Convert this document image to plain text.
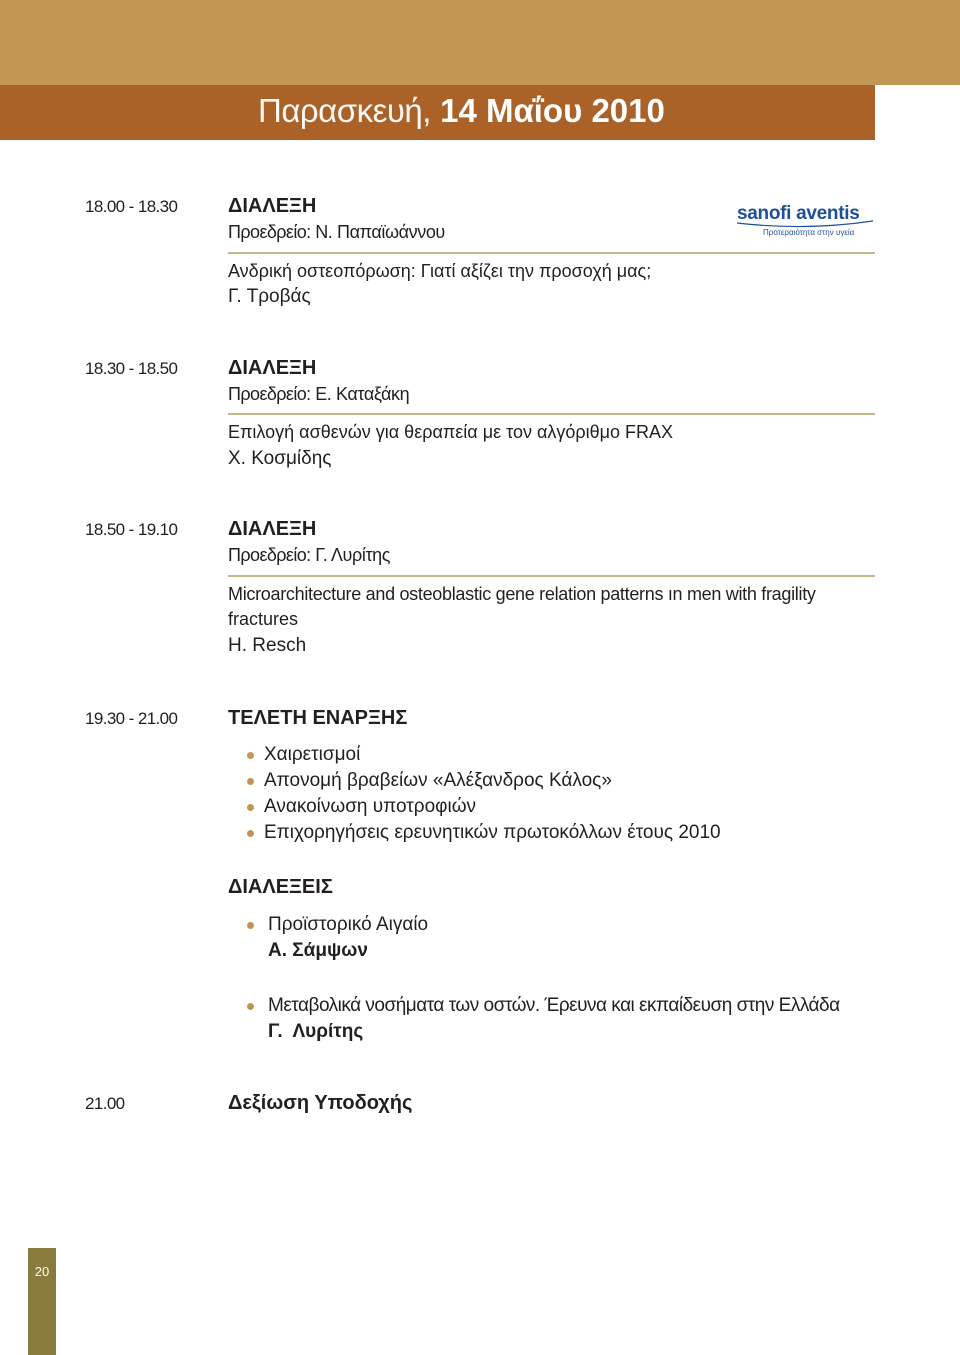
Παρασκευή, 14 Μαΐου 2010
sanofi aventis
Προτεραιότητα στην υγεία
18.00 - 18.30	ΔΙΑΛΕΞΗ
Προεδρείο: Ν. Παπαϊωάννου
Ανδρική οστεοπόρωση: Γιατί αξίζει την προσοχή μας;
Γ. Τροβάς
18.30 - 18.50	ΔΙΑΛΕΞΗ
Προεδρείο: Ε. Καταξάκη
Επιλογή ασθενών για θεραπεία με τον αλγόριθμο FRAX
Χ. Κοσμίδης
18.50 - 19.10	ΔΙΑΛΕΞΗ
Προεδρείο: Γ. Λυρίτης
Microarchitecture and osteoblastic gene relation patterns ın men with fragility
fractures
H. Resch
19.30 - 21.00	ΤΕΛΕΤΗ ΕΝΑΡΞΗΣ
Χαιρετισμοί
Απονομή βραβείων «Αλέξανδρος Κάλος»
Ανακοίνωση υποτροφιών
Επιχορηγήσεις ερευνητικών πρωτοκόλλων έτους 2010
ΔΙΑΛΕΞΕΙΣ
Προϊστορικό Αιγαίο
Α. Σάμψων
Μεταβολικά νοσήματα των οστών. Έρευνα και εκπαίδευση στην Ελλάδα
Γ.  Λυρίτης
21.00	Δεξίωση Υποδοχής
20
